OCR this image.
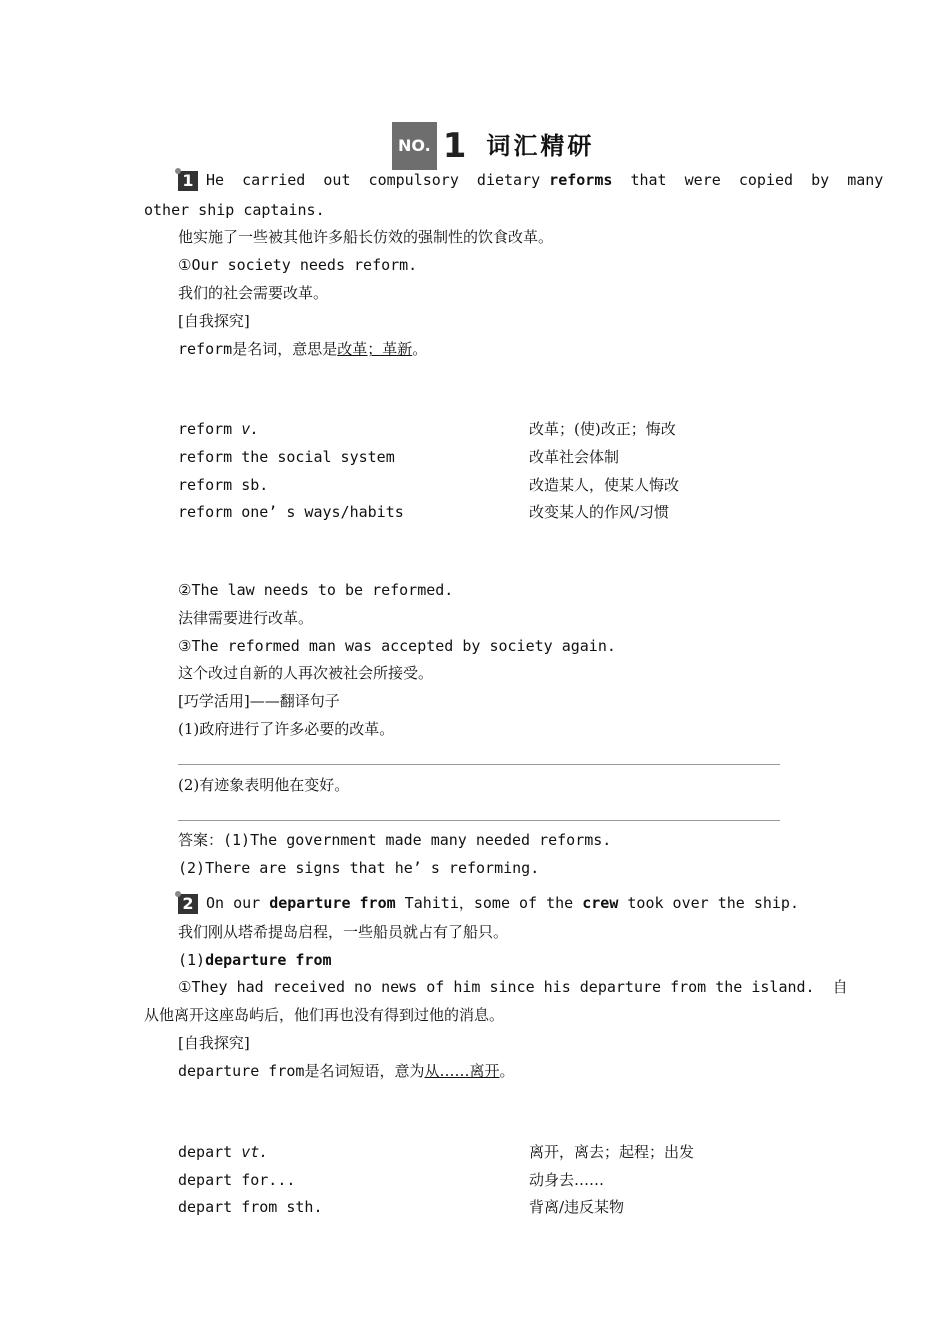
NO. 1 词汇精研
1 He  carried  out  compulsory  dietary reforms  that  were  copied  by  many
other ship captains.
他实施了一些被其他许多船长仿效的强制性的饮食改革。
①Our society needs reform.
我们的社会需要改革。
[自我探究]
reform是名词，意思是改革；革新。
reform v.	改革；(使)改正；悔改
reform the social system	改革社会体制
reform sb.	改造某人，使某人悔改
reform one’ s ways/habits	改变某人的作风/习惯
②The law needs to be reformed.
法律需要进行改革。
③The reformed man was accepted by society again.
这个改过自新的人再次被社会所接受。
[巧学活用]——翻译句子
(1)政府进行了许多必要的改革。
(2)有迹象表明他在变好。
答案：(1)The government made many needed reforms.
(2)There are signs that he’ s reforming.
2 On our departure from Tahiti，some of the crew took over the ship.
我们刚从塔希提岛启程，一些船员就占有了船只。
(1)departure from
①They had received no news of him since his departure from the island.  自
从他离开这座岛屿后，他们再也没有得到过他的消息。
[自我探究]
departure from是名词短语，意为从……离开。
depart vt.	离开，离去；起程；出发
depart for...	动身去……
depart from sth.	背离/违反某物
